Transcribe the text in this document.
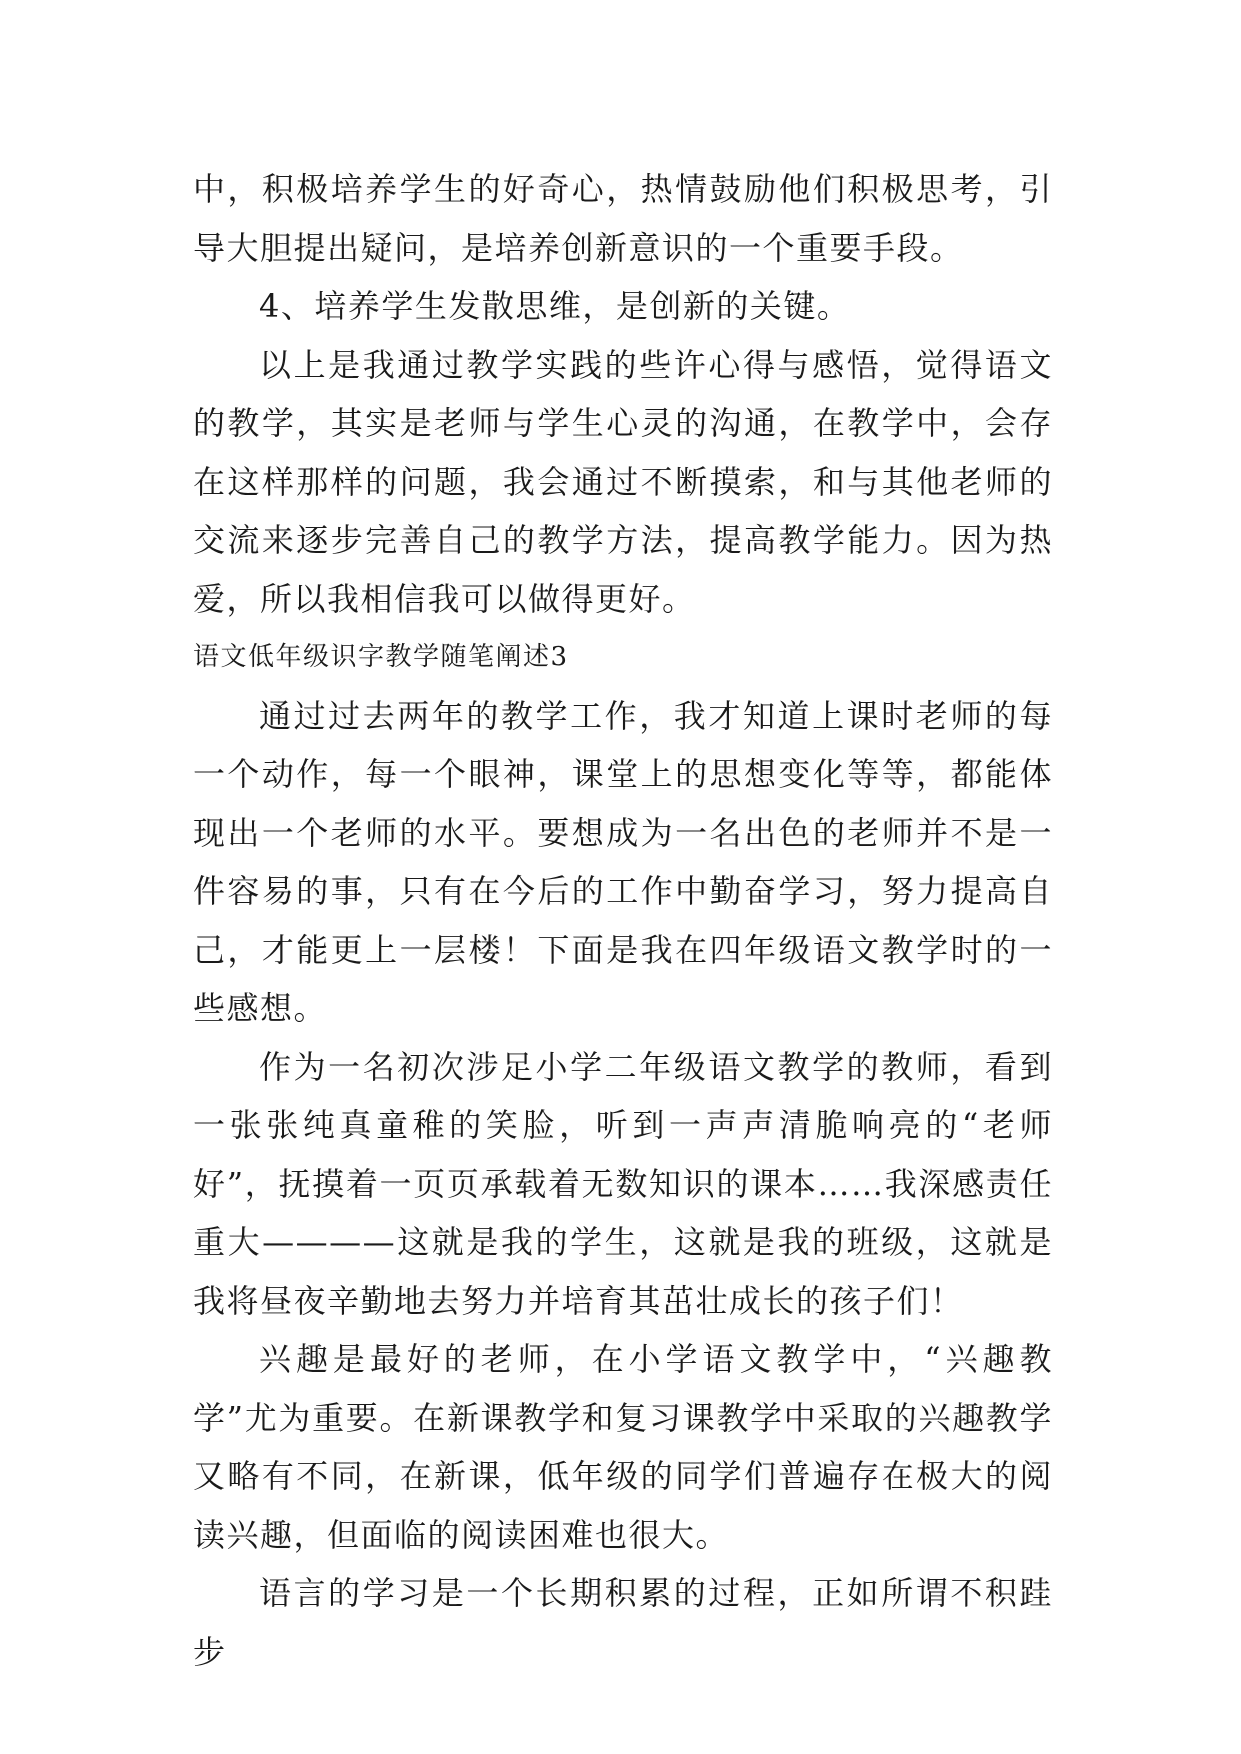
中，积极培养学生的好奇心，热情鼓励他们积极思考，引导大胆提出疑问，是培养创新意识的一个重要手段。

4、培养学生发散思维，是创新的关键。

以上是我通过教学实践的些许心得与感悟，觉得语文的教学，其实是老师与学生心灵的沟通，在教学中，会存在这样那样的问题，我会通过不断摸索，和与其他老师的交流来逐步完善自己的教学方法，提高教学能力。因为热爱，所以我相信我可以做得更好。

语文低年级识字教学随笔阐述3

通过过去两年的教学工作，我才知道上课时老师的每一个动作，每一个眼神，课堂上的思想变化等等，都能体现出一个老师的水平。要想成为一名出色的老师并不是一件容易的事，只有在今后的工作中勤奋学习，努力提高自己，才能更上一层楼！下面是我在四年级语文教学时的一些感想。

作为一名初次涉足小学二年级语文教学的教师，看到一张张纯真童稚的笑脸，听到一声声清脆响亮的“老师好”，抚摸着一页页承载着无数知识的课本……我深感责任重大————这就是我的学生，这就是我的班级，这就是我将昼夜辛勤地去努力并培育其茁壮成长的孩子们！

兴趣是最好的老师，在小学语文教学中，“兴趣教学”尤为重要。在新课教学和复习课教学中采取的兴趣教学又略有不同，在新课，低年级的同学们普遍存在极大的阅读兴趣，但面临的阅读困难也很大。

语言的学习是一个长期积累的过程，正如所谓不积跬步
